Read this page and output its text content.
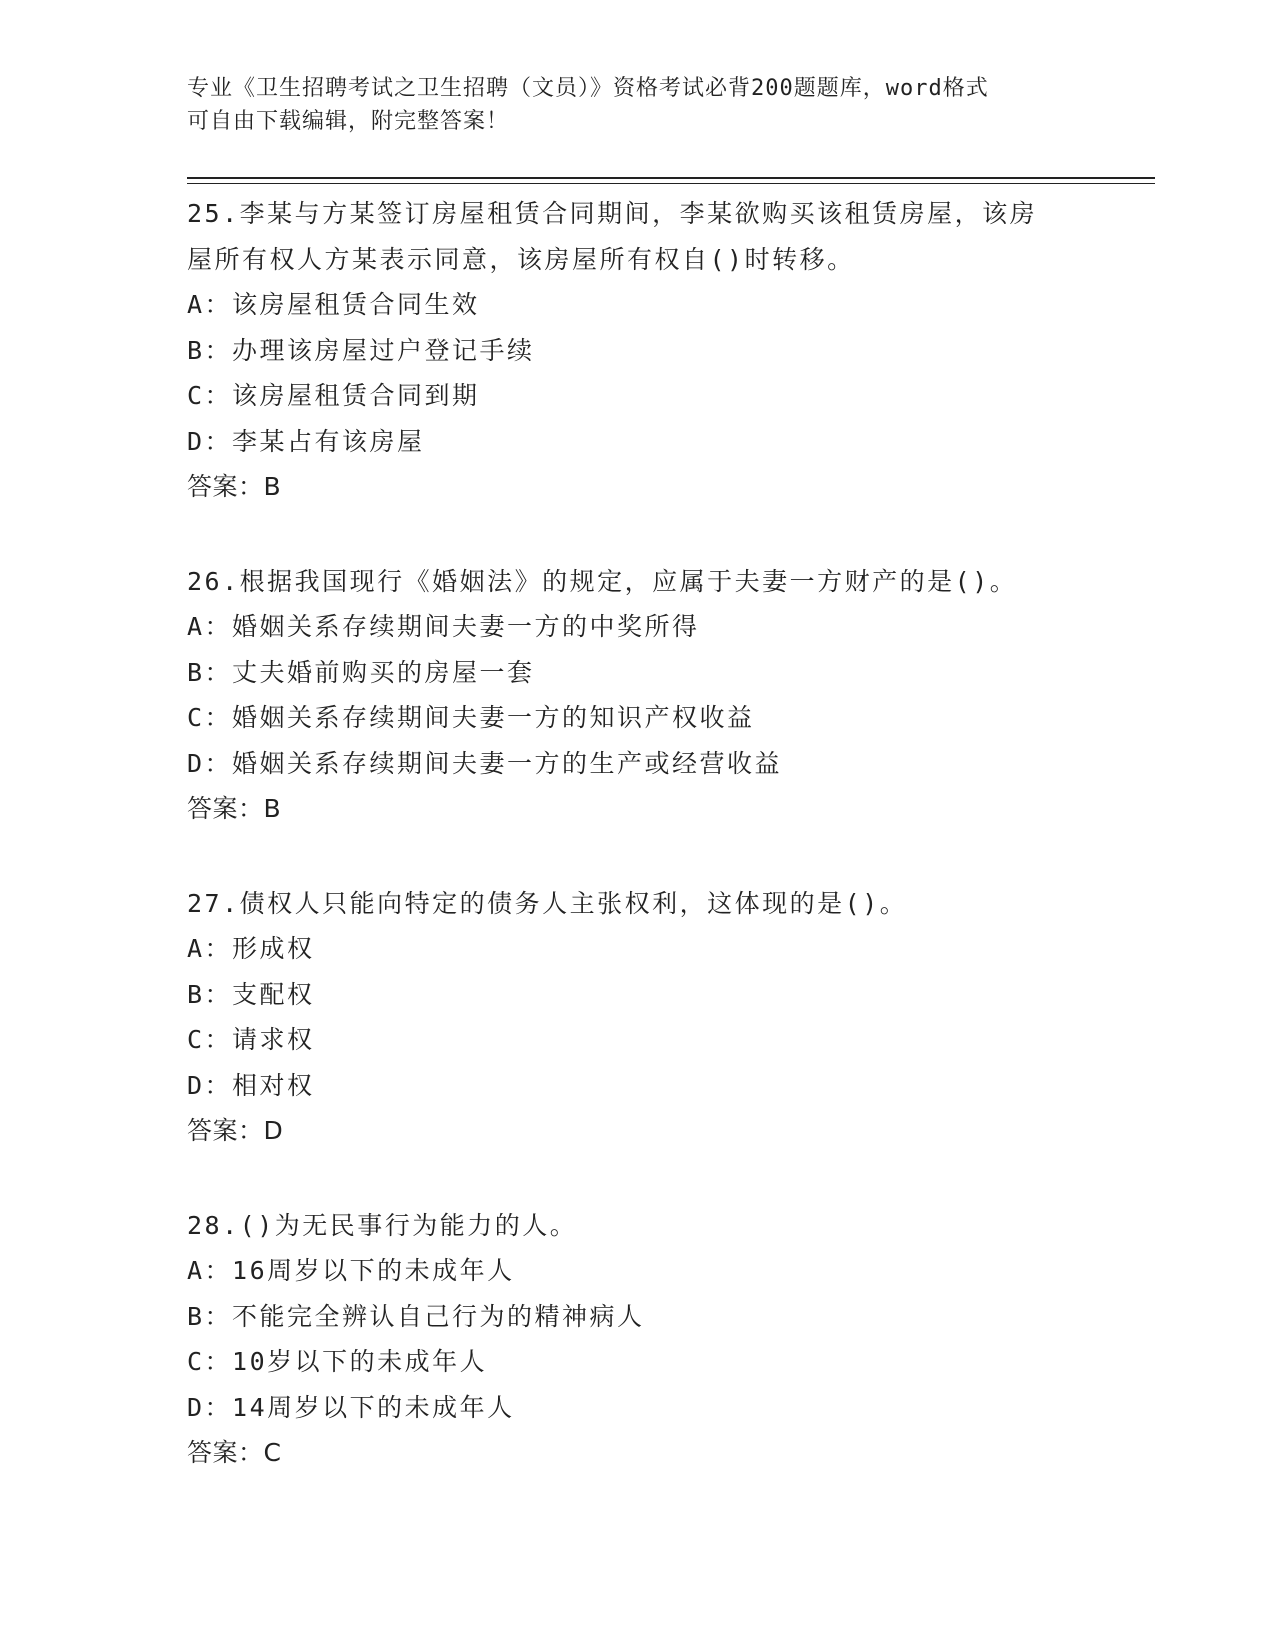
专业《卫生招聘考试之卫生招聘（文员）》资格考试必背200题题库，word格式
可自由下载编辑，附完整答案！
25.李某与方某签订房屋租赁合同期间，李某欲购买该租赁房屋，该房
屋所有权人方某表示同意，该房屋所有权自()时转移。
A：该房屋租赁合同生效
B：办理该房屋过户登记手续
C：该房屋租赁合同到期
D：李某占有该房屋
答案：B
26.根据我国现行《婚姻法》的规定，应属于夫妻一方财产的是()。
A：婚姻关系存续期间夫妻一方的中奖所得
B：丈夫婚前购买的房屋一套
C：婚姻关系存续期间夫妻一方的知识产权收益
D：婚姻关系存续期间夫妻一方的生产或经营收益
答案：B
27.债权人只能向特定的债务人主张权利，这体现的是()。
A：形成权
B：支配权
C：请求权
D：相对权
答案：D
28.()为无民事行为能力的人。
A：16周岁以下的未成年人
B：不能完全辨认自己行为的精神病人
C：10岁以下的未成年人
D：14周岁以下的未成年人
答案：C
